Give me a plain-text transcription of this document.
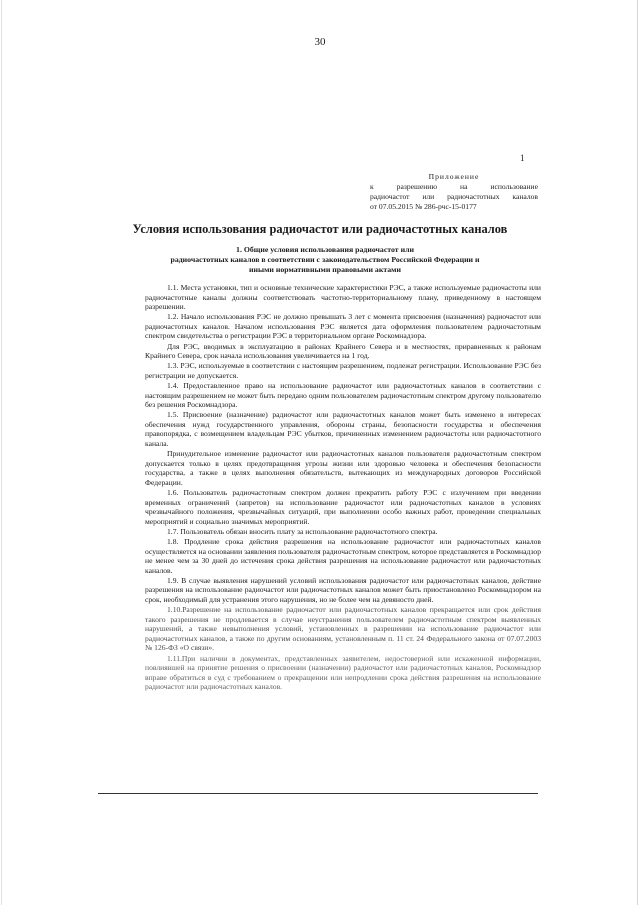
30
1
Приложение
к разрешению на использование
радиочастот или радиочастотных каналов
от 07.05.2015 № 286-рчс-15-0177
Условия использования радиочастот или радиочастотных каналов
1. Общие условия использования радиочастот или
радиочастотных каналов в соответствии с законодательством Российской Федерации и
иными нормативными правовыми актами

1.1. Места установки, тип и основные технические характеристики РЭС, а также используемые радиочастоты или радиочастотные каналы должны соответствовать частотно-территориальному плану, приведенному в настоящем разрешении.

1.2. Начало использования РЭС не должно превышать 3 лет с момента присвоения (назначения) радиочастот или радиочастотных каналов. Началом использования РЭС является дата оформления пользователем радиочастотным спектром свидетельства о регистрации РЭС в территориальном органе Роскомнадзора.

Для РЭС, вводимых в эксплуатацию в районах Крайнего Севера и в местностях, приравненных к районам Крайнего Севера, срок начала использования увеличивается на 1 год.

1.3. РЭС, используемые в соответствии с настоящим разрешением, подлежат регистрации. Использование РЭС без регистрации не допускается.

1.4. Предоставленное право на использование радиочастот или радиочастотных каналов в соответствии с настоящим разрешением не может быть передано одним пользователем радиочастотным спектром другому пользователю без решения Роскомнадзора.

1.5. Присвоение (назначение) радиочастот или радиочастотных каналов может быть изменено в интересах обеспечения нужд государственного управления, обороны страны, безопасности государства и обеспечения правопорядка, с возмещением владельцам РЭС убытков, причиненных изменением радиочастоты или радиочастотного канала.

Принудительное изменение радиочастот или радиочастотных каналов пользователя радиочастотным спектром допускается только в целях предотвращения угрозы жизни или здоровью человека и обеспечения безопасности государства, а также в целях выполнения обязательств, вытекающих из международных договоров Российской Федерации.

1.6. Пользователь радиочастотным спектром должен прекратить работу РЭС с излучением при введении временных ограничений (запретов) на использование радиочастот или радиочастотных каналов в условиях чрезвычайного положения, чрезвычайных ситуаций, при выполнении особо важных работ, проведении специальных мероприятий и социально значимых мероприятий.

1.7. Пользователь обязан вносить плату за использование радиочастотного спектра.

1.8. Продление срока действия разрешения на использование радиочастот или радиочастотных каналов осуществляется на основании заявления пользователя радиочастотным спектром, которое представляется в Роскомнадзор не менее чем за 30 дней до истечения срока действия разрешения на использование радиочастот или радиочастотных каналов.

1.9. В случае выявления нарушений условий использования радиочастот или радиочастотных каналов, действие разрешения на использование радиочастот или радиочастотных каналов может быть приостановлено Роскомнадзором на срок, необходимый для устранения этого нарушения, но не более чем на девяносто дней.

1.10.Разрешение на использование радиочастот или радиочастотных каналов прекращается или срок действия такого разрешения не продлевается в случае неустранения пользователем радиочастотным спектром выявленных нарушений, а также невыполнения условий, установленных в разрешении на использование радиочастот или радиочастотных каналов, а также по другим основаниям, установленным п. 11 ст. 24 Федерального закона от 07.07.2003 № 126-ФЗ «О связи».

1.11.При наличии в документах, представленных заявителем, недостоверной или искаженной информации, повлиявшей на принятие решения о присвоении (назначении) радиочастот или радиочастотных каналов, Роскомнадзор вправе обратиться в суд с требованием о прекращении или непродлении срока действия разрешения на использование радиочастот или радиочастотных каналов.
